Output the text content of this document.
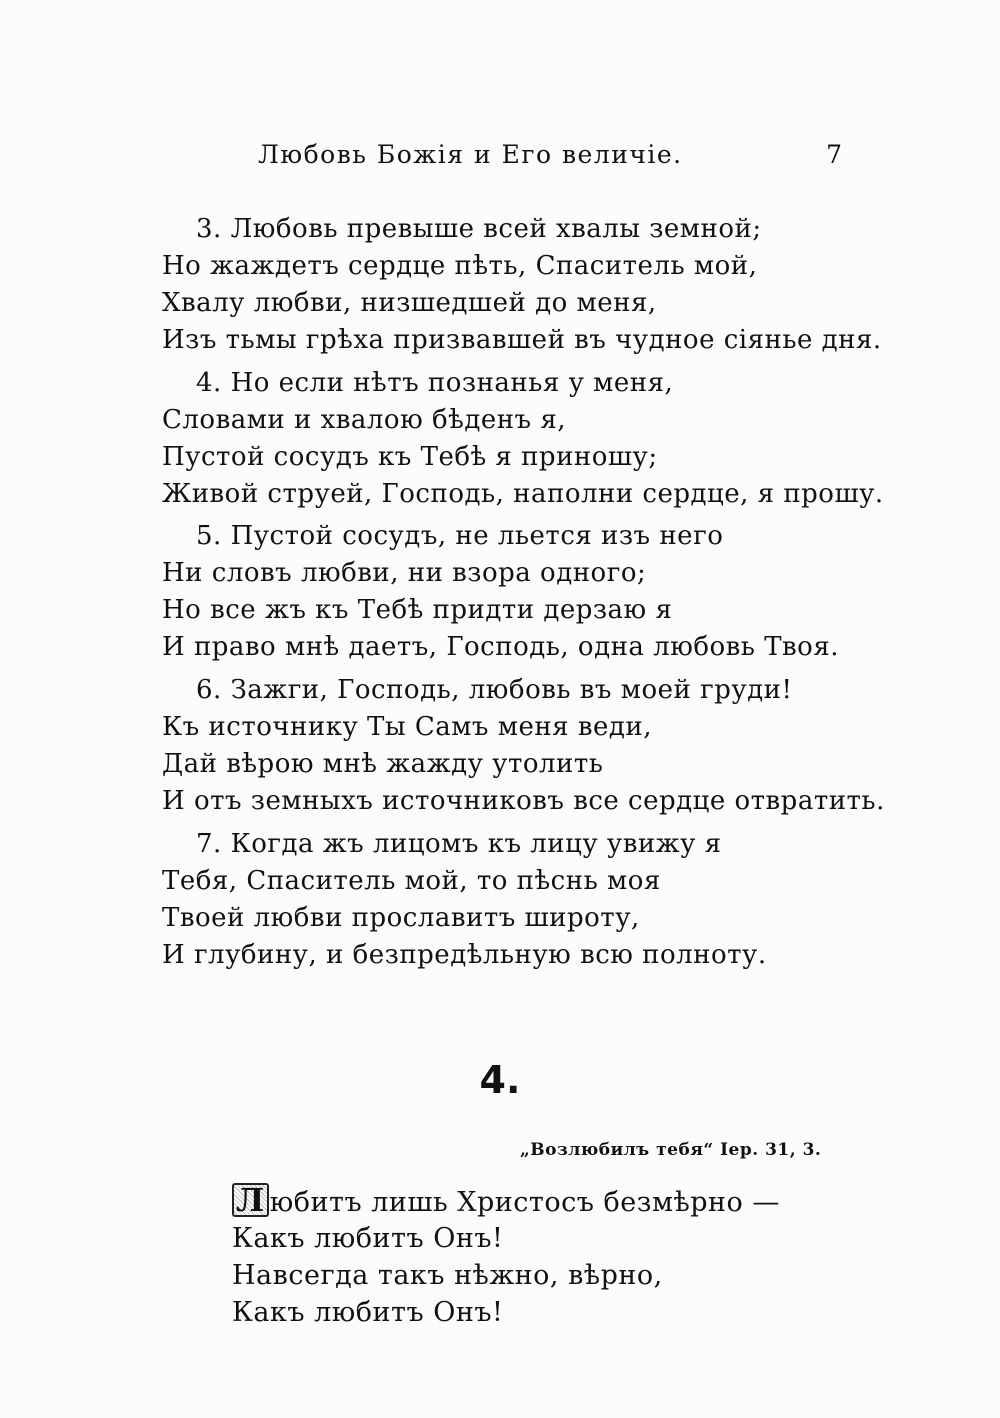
Любовь Божія и Его величіе.	7
3. Любовь превыше всей хвалы земной;
Но жаждетъ сердце пѣть, Спаситель мой,
Хвалу любви, низшедшей до меня,
Изъ тьмы грѣха призвавшей въ чудное сіянье дня.
4. Но если нѣтъ познанья у меня,
Словами и хвалою бѣденъ я,
Пустой сосудъ къ Тебѣ я приношу;
Живой струей, Господь, наполни сердце, я прошу.
5. Пустой сосудъ, не льется изъ него
Ни словъ любви, ни взора одного;
Но все жъ къ Тебѣ придти дерзаю я
И право мнѣ даетъ, Господь, одна любовь Твоя.
6. Зажги, Господь, любовь въ моей груди!
Къ источнику Ты Самъ меня веди,
Дай вѣрою мнѣ жажду утолить
И отъ земныхъ источниковъ все сердце отвратить.
7. Когда жъ лицомъ къ лицу увижу я
Тебя, Спаситель мой, то пѣснь моя
Твоей любви прославитъ широту,
И глубину, и безпредѣльную всю полноту.
4.
„Возлюбилъ тебя“ Іер. 31, 3.
Л юбитъ лишь Христосъ безмѣрно —
Какъ любитъ Онъ!
Навсегда такъ нѣжно, вѣрно,
Какъ любитъ Онъ!
